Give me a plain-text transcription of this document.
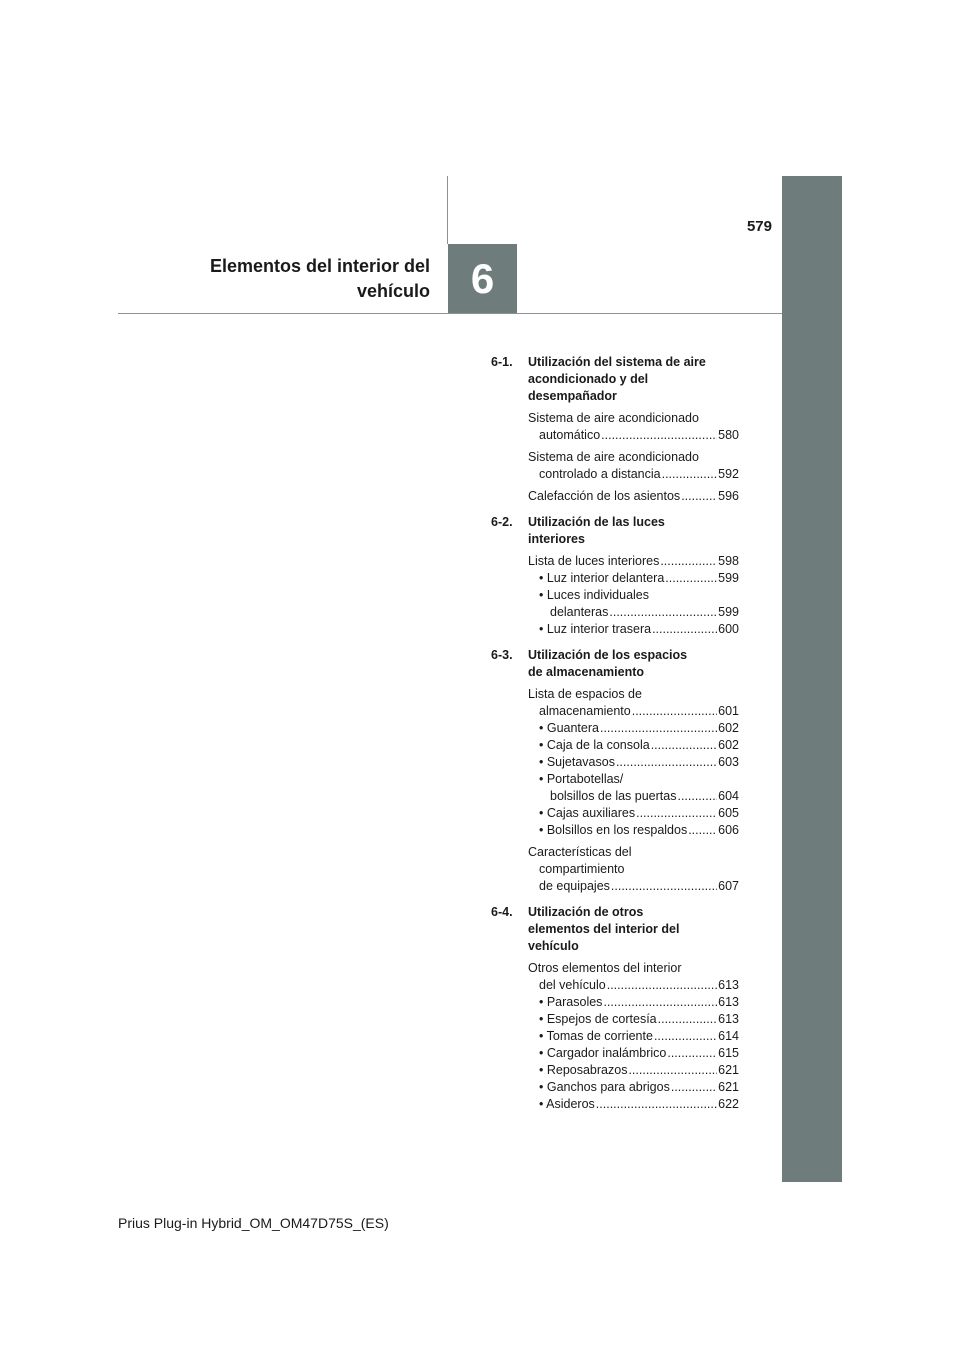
579
Elementos del interior del
vehículo 6
6-1.	Utilización del sistema de aire
acondicionado y del
desempañador
Sistema de aire acondicionado
automático .....	580
Sistema de aire acondicionado
controlado a distancia .....	592
Calefacción de los asientos .....	596
6-2.	Utilización de las luces
interiores
Lista de luces interiores .....	598
• Luz interior delantera .....	599
• Luces individuales
delanteras .....	599
• Luz interior trasera .....	600
6-3.	Utilización de los espacios
de almacenamiento
Lista de espacios de
almacenamiento .....	601
• Guantera .....	602
• Caja de la consola .....	602
• Sujetavasos .....	603
• Portabotellas/
bolsillos de las puertas .....	604
• Cajas auxiliares .....	605
• Bolsillos en los respaldos ..... 606
Características del
compartimiento
de equipajes .....	607
6-4.	Utilización de otros
elementos del interior del
vehículo
Otros elementos del interior
del vehículo .....	613
• Parasoles .....	613
• Espejos de cortesía .....	613
• Tomas de corriente .....	614
• Cargador inalámbrico .....	615
• Reposabrazos .....	621
• Ganchos para abrigos .....	621
• Asideros .....	622
Prius Plug-in Hybrid_OM_OM47D75S_(ES)
